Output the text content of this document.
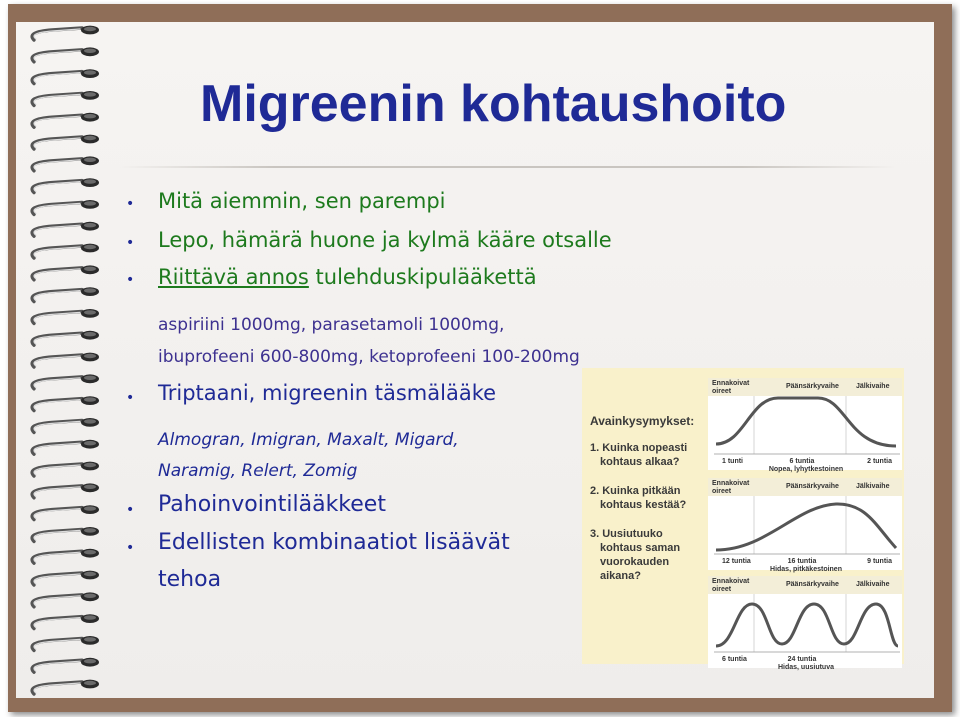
Migreenin kohtaushoito
• Mitä aiemmin, sen parempi
• Lepo, hämärä huone ja kylmä kääre otsalle
• Riittävä annos tulehduskipulääkettä
aspiriini 1000mg, parasetamoli 1000mg,
ibuprofeeni 600-800mg, ketoprofeeni 100-200mg
• Triptaani, migreenin täsmälääke
Almogran, Imigran, Maxalt, Migard,
Naramig, Relert, Zomig
• Pahoinvointilääkkeet
• Edellisten kombinaatiot lisäävät
tehoa
Avainkysymykset:
1. Kuinka nopeasti
kohtaus alkaa?
2. Kuinka pitkään
kohtaus kestää?
3. Uusiutuuko
kohtaus saman
vuorokauden
aikana?
Ennakoivat
oireet
Päänsärkyvaihe Jälkivaihe
1 tunti	6 tuntia	2 tuntia
Nopea, lyhytkestoinen
Ennakoivat
oireet
Päänsärkyvaihe Jälkivaihe
12 tuntia	16 tuntia	9 tuntia
Hidas, pitkäkestoinen
Ennakoivat
oireet
Päänsärkyvaihe Jälkivaihe
6 tuntia	24 tuntia
Hidas, uusiutuva
